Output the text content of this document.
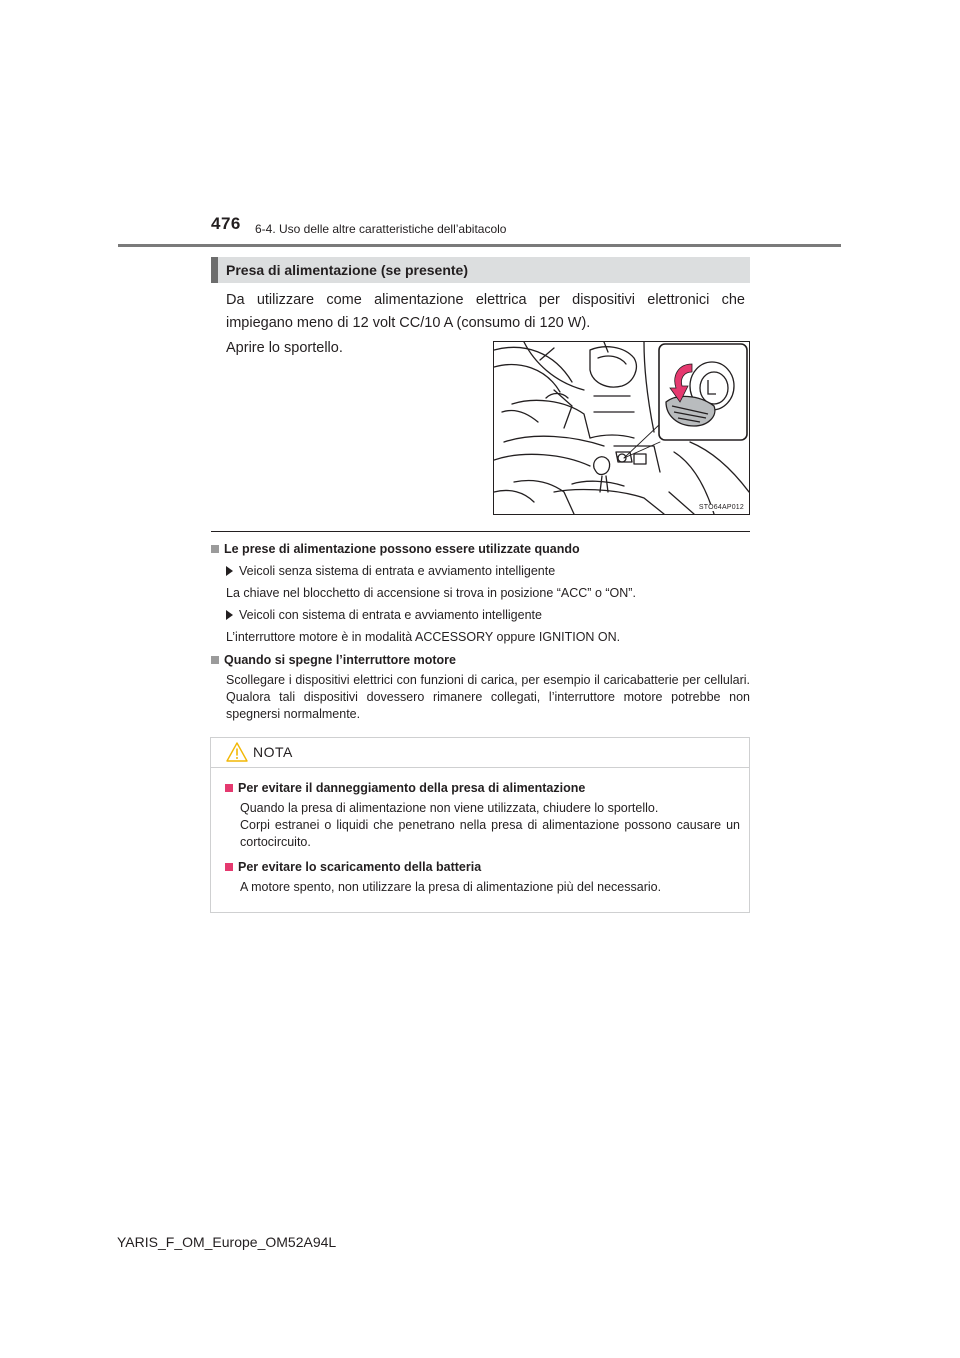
476 6-4. Uso delle altre caratteristiche dell’abitacolo
Presa di alimentazione (se presente)
Da utilizzare come alimentazione elettrica per dispositivi elettronici che impiegano meno di 12 volt CC/10 A (consumo di 120 W).
Aprire lo sportello.
STO64AP012
Le prese di alimentazione possono essere utilizzate quando
Veicoli senza sistema di entrata e avviamento intelligente
La chiave nel blocchetto di accensione si trova in posizione “ACC” o “ON”.
Veicoli con sistema di entrata e avviamento intelligente
L’interruttore motore è in modalità ACCESSORY oppure IGNITION ON.
Quando si spegne l’interruttore motore
Scollegare i dispositivi elettrici con funzioni di carica, per esempio il caricabatterie per cellulari. Qualora tali dispositivi dovessero rimanere collegati, l’interruttore motore potrebbe non spegnersi normalmente.
NOTA
Per evitare il danneggiamento della presa di alimentazione
Quando la presa di alimentazione non viene utilizzata, chiudere lo sportello.
Corpi estranei o liquidi che penetrano nella presa di alimentazione possono causare un cortocircuito.
Per evitare lo scaricamento della batteria
A motore spento, non utilizzare la presa di alimentazione più del necessario.
YARIS_F_OM_Europe_OM52A94L
